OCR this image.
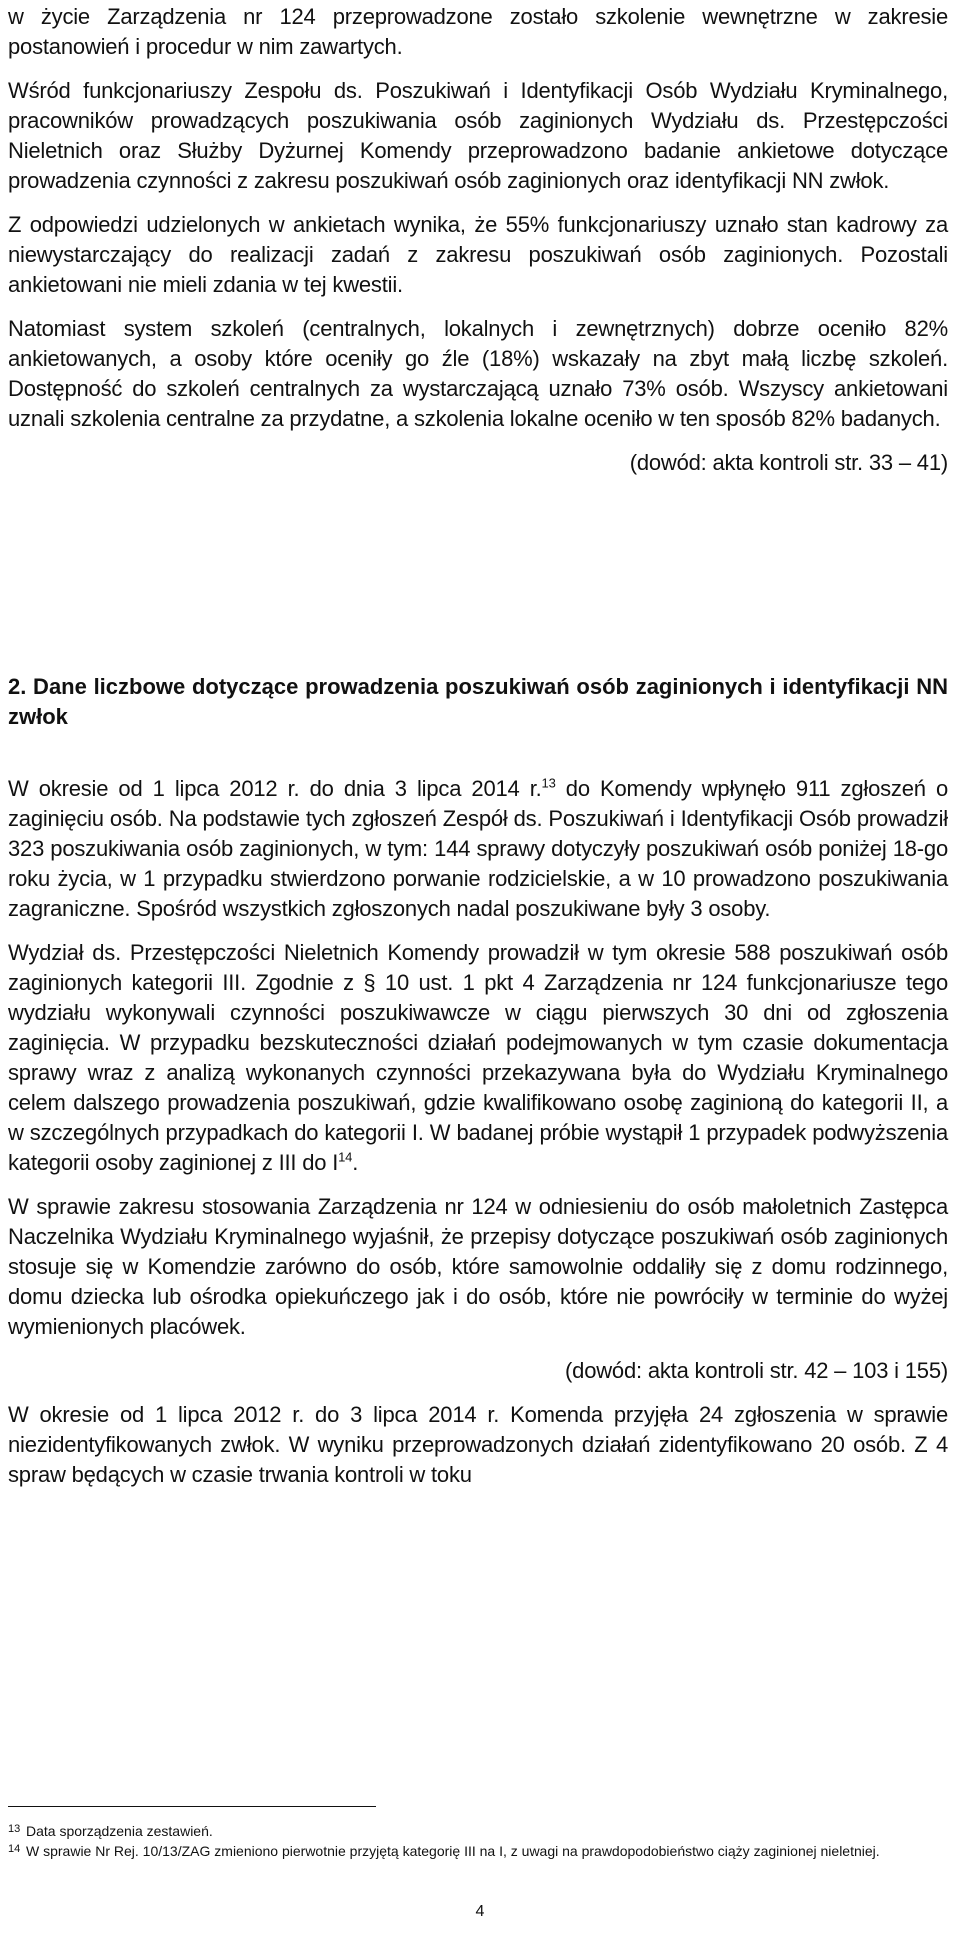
w życie Zarządzenia nr 124 przeprowadzone zostało szkolenie wewnętrzne w zakresie postanowień i procedur w nim zawartych.

Wśród funkcjonariuszy Zespołu ds. Poszukiwań i Identyfikacji Osób Wydziału Kryminalnego, pracowników prowadzących poszukiwania osób zaginionych Wydziału ds. Przestępczości Nieletnich oraz Służby Dyżurnej Komendy przeprowadzono badanie ankietowe dotyczące prowadzenia czynności z zakresu poszukiwań osób zaginionych oraz identyfikacji NN zwłok.

Z odpowiedzi udzielonych w ankietach wynika, że 55% funkcjonariuszy uznało stan kadrowy za niewystarczający do realizacji zadań z zakresu poszukiwań osób zaginionych. Pozostali ankietowani nie mieli zdania w tej kwestii.

Natomiast system szkoleń (centralnych, lokalnych i zewnętrznych) dobrze oceniło 82% ankietowanych, a osoby które oceniły go źle (18%) wskazały na zbyt małą liczbę szkoleń. Dostępność do szkoleń centralnych za wystarczającą uznało 73% osób. Wszyscy ankietowani uznali szkolenia centralne za przydatne, a szkolenia lokalne oceniło w ten sposób 82% badanych.

(dowód: akta kontroli str. 33 – 41)

2. Dane liczbowe dotyczące prowadzenia poszukiwań osób zaginionych i identyfikacji NN zwłok

W okresie od 1 lipca 2012 r. do dnia 3 lipca 2014 r.$^{13}$ do Komendy wpłynęło 911 zgłoszeń o zaginięciu osób. Na podstawie tych zgłoszeń Zespół ds. Poszukiwań i Identyfikacji Osób prowadził 323 poszukiwania osób zaginionych, w tym: 144 sprawy dotyczyły poszukiwań osób poniżej 18-go roku życia, w 1 przypadku stwierdzono porwanie rodzicielskie, a w 10 prowadzono poszukiwania zagraniczne. Spośród wszystkich zgłoszonych nadal poszukiwane były 3 osoby.

Wydział ds. Przestępczości Nieletnich Komendy prowadził w tym okresie 588 poszukiwań osób zaginionych kategorii III. Zgodnie z § 10 ust. 1 pkt 4 Zarządzenia nr 124 funkcjonariusze tego wydziału wykonywali czynności poszukiwawcze w ciągu pierwszych 30 dni od zgłoszenia zaginięcia. W przypadku bezskuteczności działań podejmowanych w tym czasie dokumentacja sprawy wraz z analizą wykonanych czynności przekazywana była do Wydziału Kryminalnego celem dalszego prowadzenia poszukiwań, gdzie kwalifikowano osobę zaginioną do kategorii II, a w szczególnych przypadkach do kategorii I. W badanej próbie wystąpił 1 przypadek podwyższenia kategorii osoby zaginionej z III do $I^{14}$.

W sprawie zakresu stosowania Zarządzenia nr 124 w odniesieniu do osób małoletnich Zastępca Naczelnika Wydziału Kryminalnego wyjaśnił, że przepisy dotyczące poszukiwań osób zaginionych stosuje się w Komendzie zarówno do osób, które samowolnie oddaliły się z domu rodzinnego, domu dziecka lub ośrodka opiekuńczego jak i do osób, które nie powróciły w terminie do wyżej wymienionych placówek.

(dowód: akta kontroli str. 42 – 103 i 155)

W okresie od 1 lipca 2012 r. do 3 lipca 2014 r. Komenda przyjęła 24 zgłoszenia w sprawie niezidentyfikowanych zwłok. W wyniku przeprowadzonych działań zidentyfikowano 20 osób. Z 4 spraw będących w czasie trwania kontroli w toku

13 Data sporządzenia zestawień.
14 W sprawie Nr Rej. 10/13/ZAG zmieniono pierwotnie przyjętą kategorię III na I, z uwagi na prawdopodobieństwo ciąży zaginionej nieletniej.
4
